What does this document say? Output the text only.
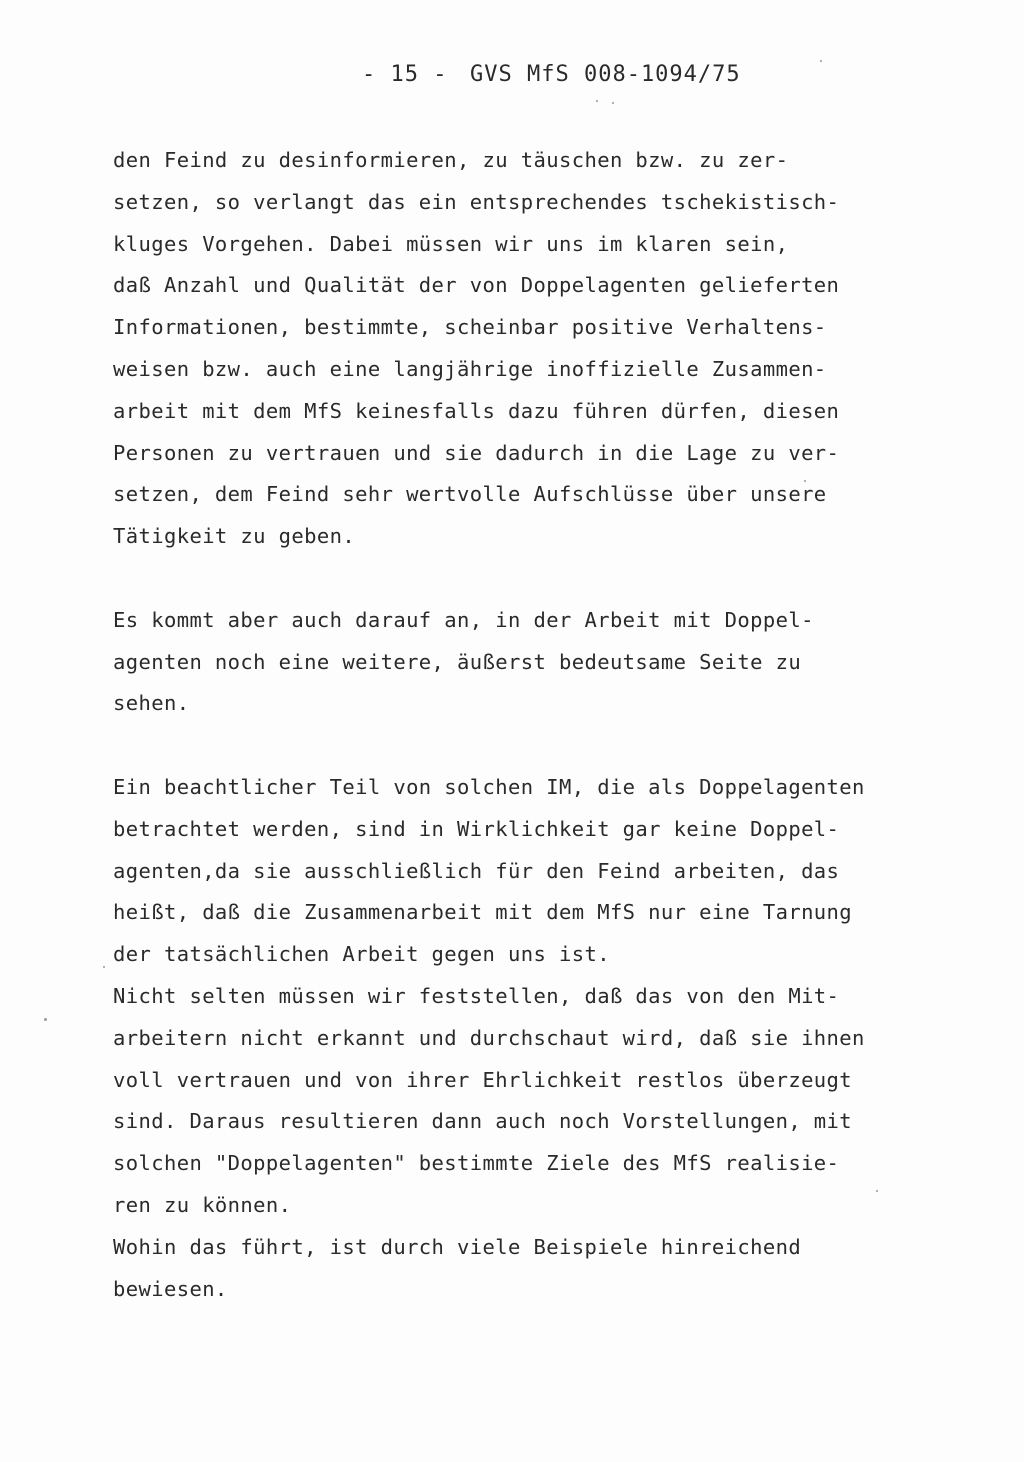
- 15 - GVS MfS 008-1094/75
den Feind zu desinformieren, zu täuschen bzw. zu zer-
setzen, so verlangt das ein entsprechendes tschekistisch-
kluges Vorgehen. Dabei müssen wir uns im klaren sein,
daß Anzahl und Qualität der von Doppelagenten gelieferten
Informationen, bestimmte, scheinbar positive Verhaltens-
weisen bzw. auch eine langjährige inoffizielle Zusammen-
arbeit mit dem MfS keinesfalls dazu führen dürfen, diesen
Personen zu vertrauen und sie dadurch in die Lage zu ver-
setzen, dem Feind sehr wertvolle Aufschlüsse über unsere
Tätigkeit zu geben.
Es kommt aber auch darauf an, in der Arbeit mit Doppel-
agenten noch eine weitere, äußerst bedeutsame Seite zu
sehen.
Ein beachtlicher Teil von solchen IM, die als Doppelagenten
betrachtet werden, sind in Wirklichkeit gar keine Doppel-
agenten,da sie ausschließlich für den Feind arbeiten, das
heißt, daß die Zusammenarbeit mit dem MfS nur eine Tarnung
der tatsächlichen Arbeit gegen uns ist.
Nicht selten müssen wir feststellen, daß das von den Mit-
arbeitern nicht erkannt und durchschaut wird, daß sie ihnen
voll vertrauen und von ihrer Ehrlichkeit restlos überzeugt
sind. Daraus resultieren dann auch noch Vorstellungen, mit
solchen "Doppelagenten" bestimmte Ziele des MfS realisie-
ren zu können.
Wohin das führt, ist durch viele Beispiele hinreichend
bewiesen.
